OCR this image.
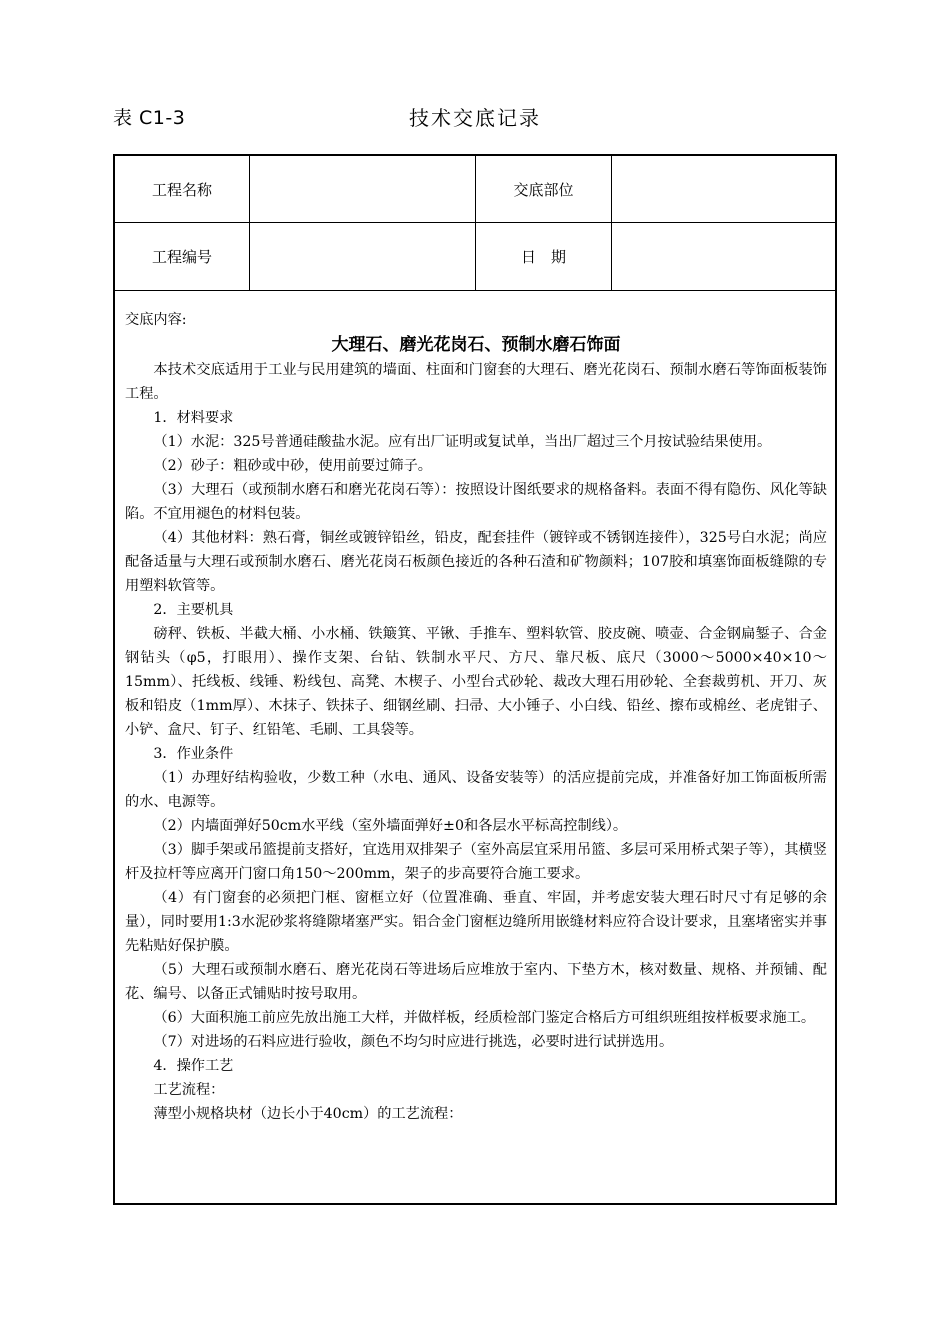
表 C1-3	技术交底记录
工程名称	交底部位
工程编号	日　期

交底内容:

大理石、磨光花岗石、预制水磨石饰面

本技术交底适用于工业与民用建筑的墙面、柱面和门窗套的大理石、磨光花岗石、预制水磨石等饰面板装饰工程。

1．材料要求

（1）水泥：325号普通硅酸盐水泥。应有出厂证明或复试单，当出厂超过三个月按试验结果使用。

（2）砂子：粗砂或中砂，使用前要过筛子。

（3）大理石（或预制水磨石和磨光花岗石等）：按照设计图纸要求的规格备料。表面不得有隐伤、风化等缺陷。不宜用褪色的材料包装。

（4）其他材料：熟石膏，铜丝或镀锌铅丝，铅皮，配套挂件（镀锌或不锈钢连接件），325号白水泥；尚应配备适量与大理石或预制水磨石、磨光花岗石板颜色接近的各种石渣和矿物颜料；107胶和填塞饰面板缝隙的专用塑料软管等。

2．主要机具

磅秤、铁板、半截大桶、小水桶、铁簸箕、平锹、手推车、塑料软管、胶皮碗、喷壶、合金钢扁錾子、合金钢钻头（φ5，打眼用）、操作支架、台钻、铁制水平尺、方尺、靠尺板、底尺（3000～5000×40×10～15mm）、托线板、线锤、粉线包、高凳、木楔子、小型台式砂轮、裁改大理石用砂轮、全套裁剪机、开刀、灰板和铅皮（1mm厚）、木抹子、铁抹子、细钢丝刷、扫帚、大小锤子、小白线、铅丝、擦布或棉丝、老虎钳子、小铲、盒尺、钉子、红铅笔、毛刷、工具袋等。

3．作业条件

（1）办理好结构验收，少数工种（水电、通风、设备安装等）的活应提前完成，并准备好加工饰面板所需的水、电源等。

（2）内墙面弹好50cm水平线（室外墙面弹好±0和各层水平标高控制线）。

（3）脚手架或吊篮提前支搭好，宜选用双排架子（室外高层宜采用吊篮、多层可采用桥式架子等），其横竖杆及拉杆等应离开门窗口角150～200mm，架子的步高要符合施工要求。

（4）有门窗套的必须把门框、窗框立好（位置准确、垂直、牢固，并考虑安装大理石时尺寸有足够的余量），同时要用1:3水泥砂浆将缝隙堵塞严实。铝合金门窗框边缝所用嵌缝材料应符合设计要求，且塞堵密实并事先粘贴好保护膜。

（5）大理石或预制水磨石、磨光花岗石等进场后应堆放于室内、下垫方木，核对数量、规格、并预铺、配花、编号、以备正式铺贴时按号取用。

（6）大面积施工前应先放出施工大样，并做样板，经质检部门鉴定合格后方可组织班组按样板要求施工。

（7）对进场的石料应进行验收，颜色不均匀时应进行挑选，必要时进行试拼选用。

4．操作工艺

工艺流程：

薄型小规格块材（边长小于40cm）的工艺流程：
